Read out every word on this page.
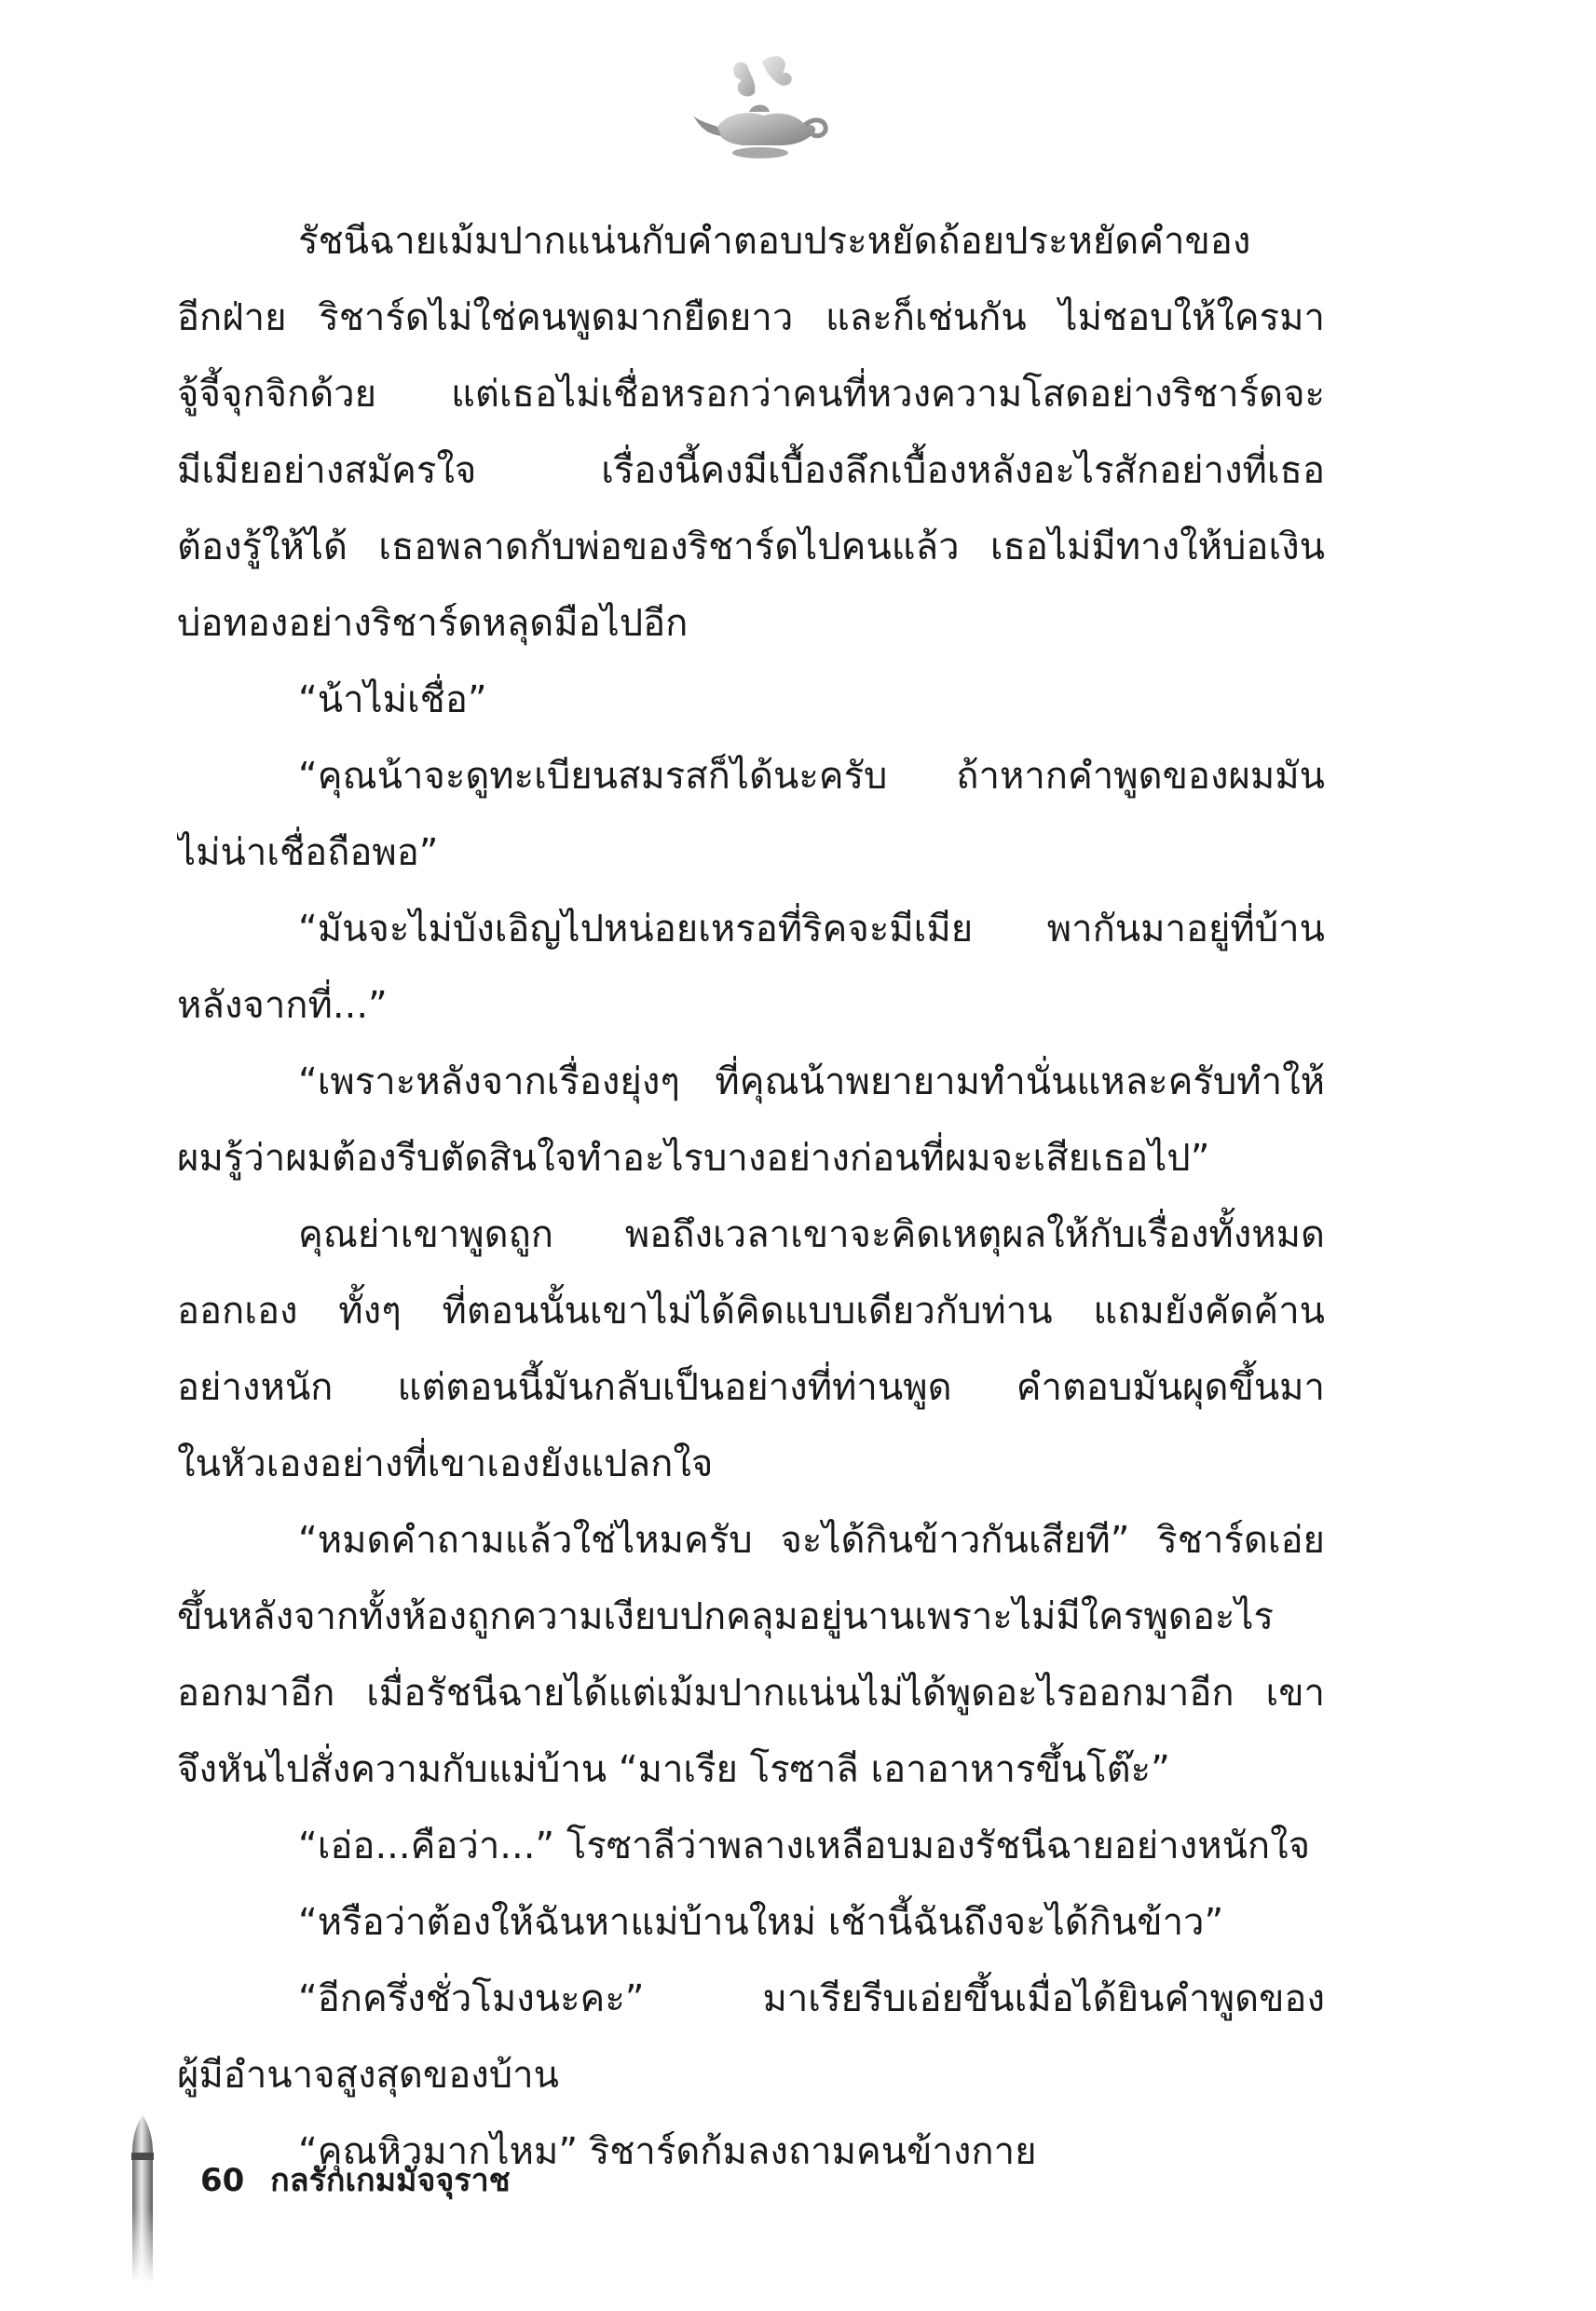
รัชนีฉายเม้มปากแน่นกับคำตอบประหยัดถ้อยประหยัดคำของ
อีกฝ่าย ริชาร์ดไม่ใช่คนพูดมากยืดยาว และก็เช่นกัน ไม่ชอบให้ใครมา
จู้จี้จุกจิกด้วย แต่เธอไม่เชื่อหรอกว่าคนที่หวงความโสดอย่างริชาร์ดจะ
มีเมียอย่างสมัครใจ เรื่องนี้คงมีเบื้องลึกเบื้องหลังอะไรสักอย่างที่เธอ
ต้องรู้ให้ได้ เธอพลาดกับพ่อของริชาร์ดไปคนแล้ว เธอไม่มีทางให้บ่อเงิน
บ่อทองอย่างริชาร์ดหลุดมือไปอีก
“น้าไม่เชื่อ”
“คุณน้าจะดูทะเบียนสมรสก็ได้นะครับ ถ้าหากคำพูดของผมมัน
ไม่น่าเชื่อถือพอ”
“มันจะไม่บังเอิญไปหน่อยเหรอที่ริคจะมีเมีย พากันมาอยู่ที่บ้าน
หลังจากที่...”
“เพราะหลังจากเรื่องยุ่งๆ ที่คุณน้าพยายามทำนั่นแหละครับทำให้
ผมรู้ว่าผมต้องรีบตัดสินใจทำอะไรบางอย่างก่อนที่ผมจะเสียเธอไป”
คุณย่าเขาพูดถูก พอถึงเวลาเขาจะคิดเหตุผลให้กับเรื่องทั้งหมด
ออกเอง ทั้งๆ ที่ตอนนั้นเขาไม่ได้คิดแบบเดียวกับท่าน แถมยังคัดค้าน
อย่างหนัก แต่ตอนนี้มันกลับเป็นอย่างที่ท่านพูด คำตอบมันผุดขึ้นมา
ในหัวเองอย่างที่เขาเองยังแปลกใจ
“หมดคำถามแล้วใช่ไหมครับ จะได้กินข้าวกันเสียที” ริชาร์ดเอ่ย
ขึ้นหลังจากทั้งห้องถูกความเงียบปกคลุมอยู่นานเพราะไม่มีใครพูดอะไร
ออกมาอีก เมื่อรัชนีฉายได้แต่เม้มปากแน่นไม่ได้พูดอะไรออกมาอีก เขา
จึงหันไปสั่งความกับแม่บ้าน “มาเรีย โรซาลี เอาอาหารขึ้นโต๊ะ”
“เอ่อ...คือว่า...” โรซาลีว่าพลางเหลือบมองรัชนีฉายอย่างหนักใจ
“หรือว่าต้องให้ฉันหาแม่บ้านใหม่ เช้านี้ฉันถึงจะได้กินข้าว”
“อีกครึ่งชั่วโมงนะคะ” มาเรียรีบเอ่ยขึ้นเมื่อได้ยินคำพูดของ
ผู้มีอำนาจสูงสุดของบ้าน
“คุณหิวมากไหม” ริชาร์ดก้มลงถามคนข้างกาย
60 กลรักเกมมัจจุราช
